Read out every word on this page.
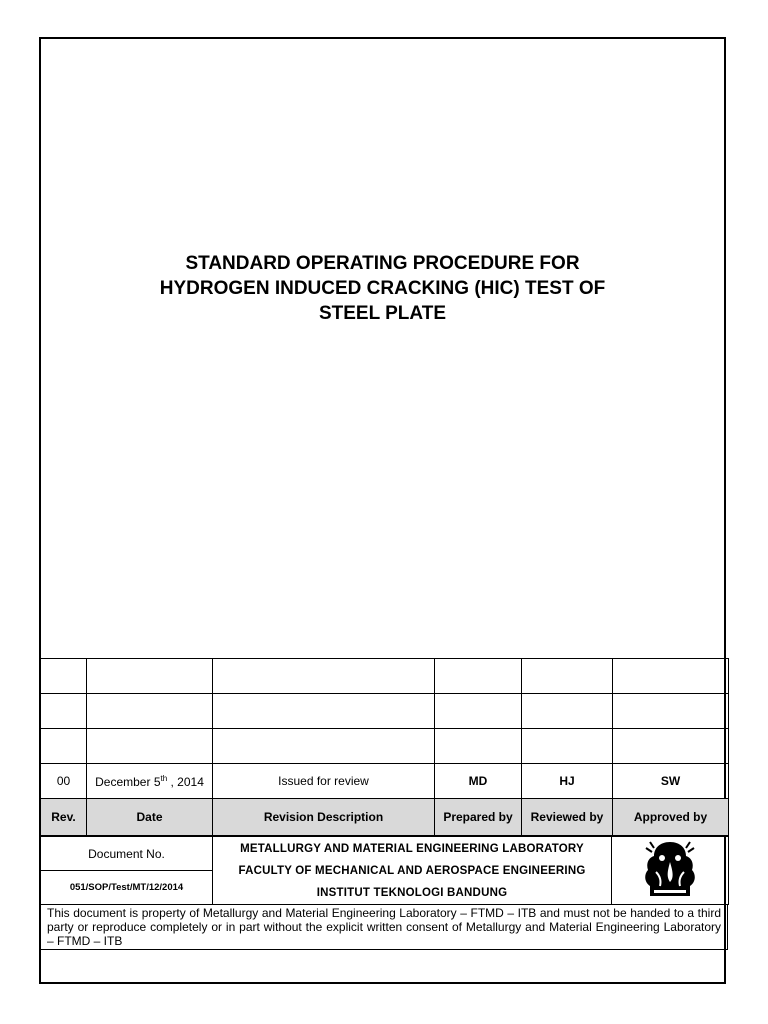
STANDARD OPERATING PROCEDURE FOR
HYDROGEN INDUCED CRACKING (HIC) TEST OF
STEEL PLATE

00	December 5th , 2014	Issued for review	MD	HJ	SW
Rev.	Date	Revision Description	Prepared by	Reviewed by	Approved by
Document No.	METALLURGY AND MATERIAL ENGINEERING LABORATORY
FACULTY OF MECHANICAL AND AEROSPACE ENGINEERING
INSTITUT TEKNOLOGI BANDUNG

051/SOP/Test/MT/12/2014
This document is property of Metallurgy and Material Engineering Laboratory – FTMD – ITB and must not be handed to a third party or reproduce completely or in part without the explicit written consent of Metallurgy and Material Engineering Laboratory – FTMD – ITB
